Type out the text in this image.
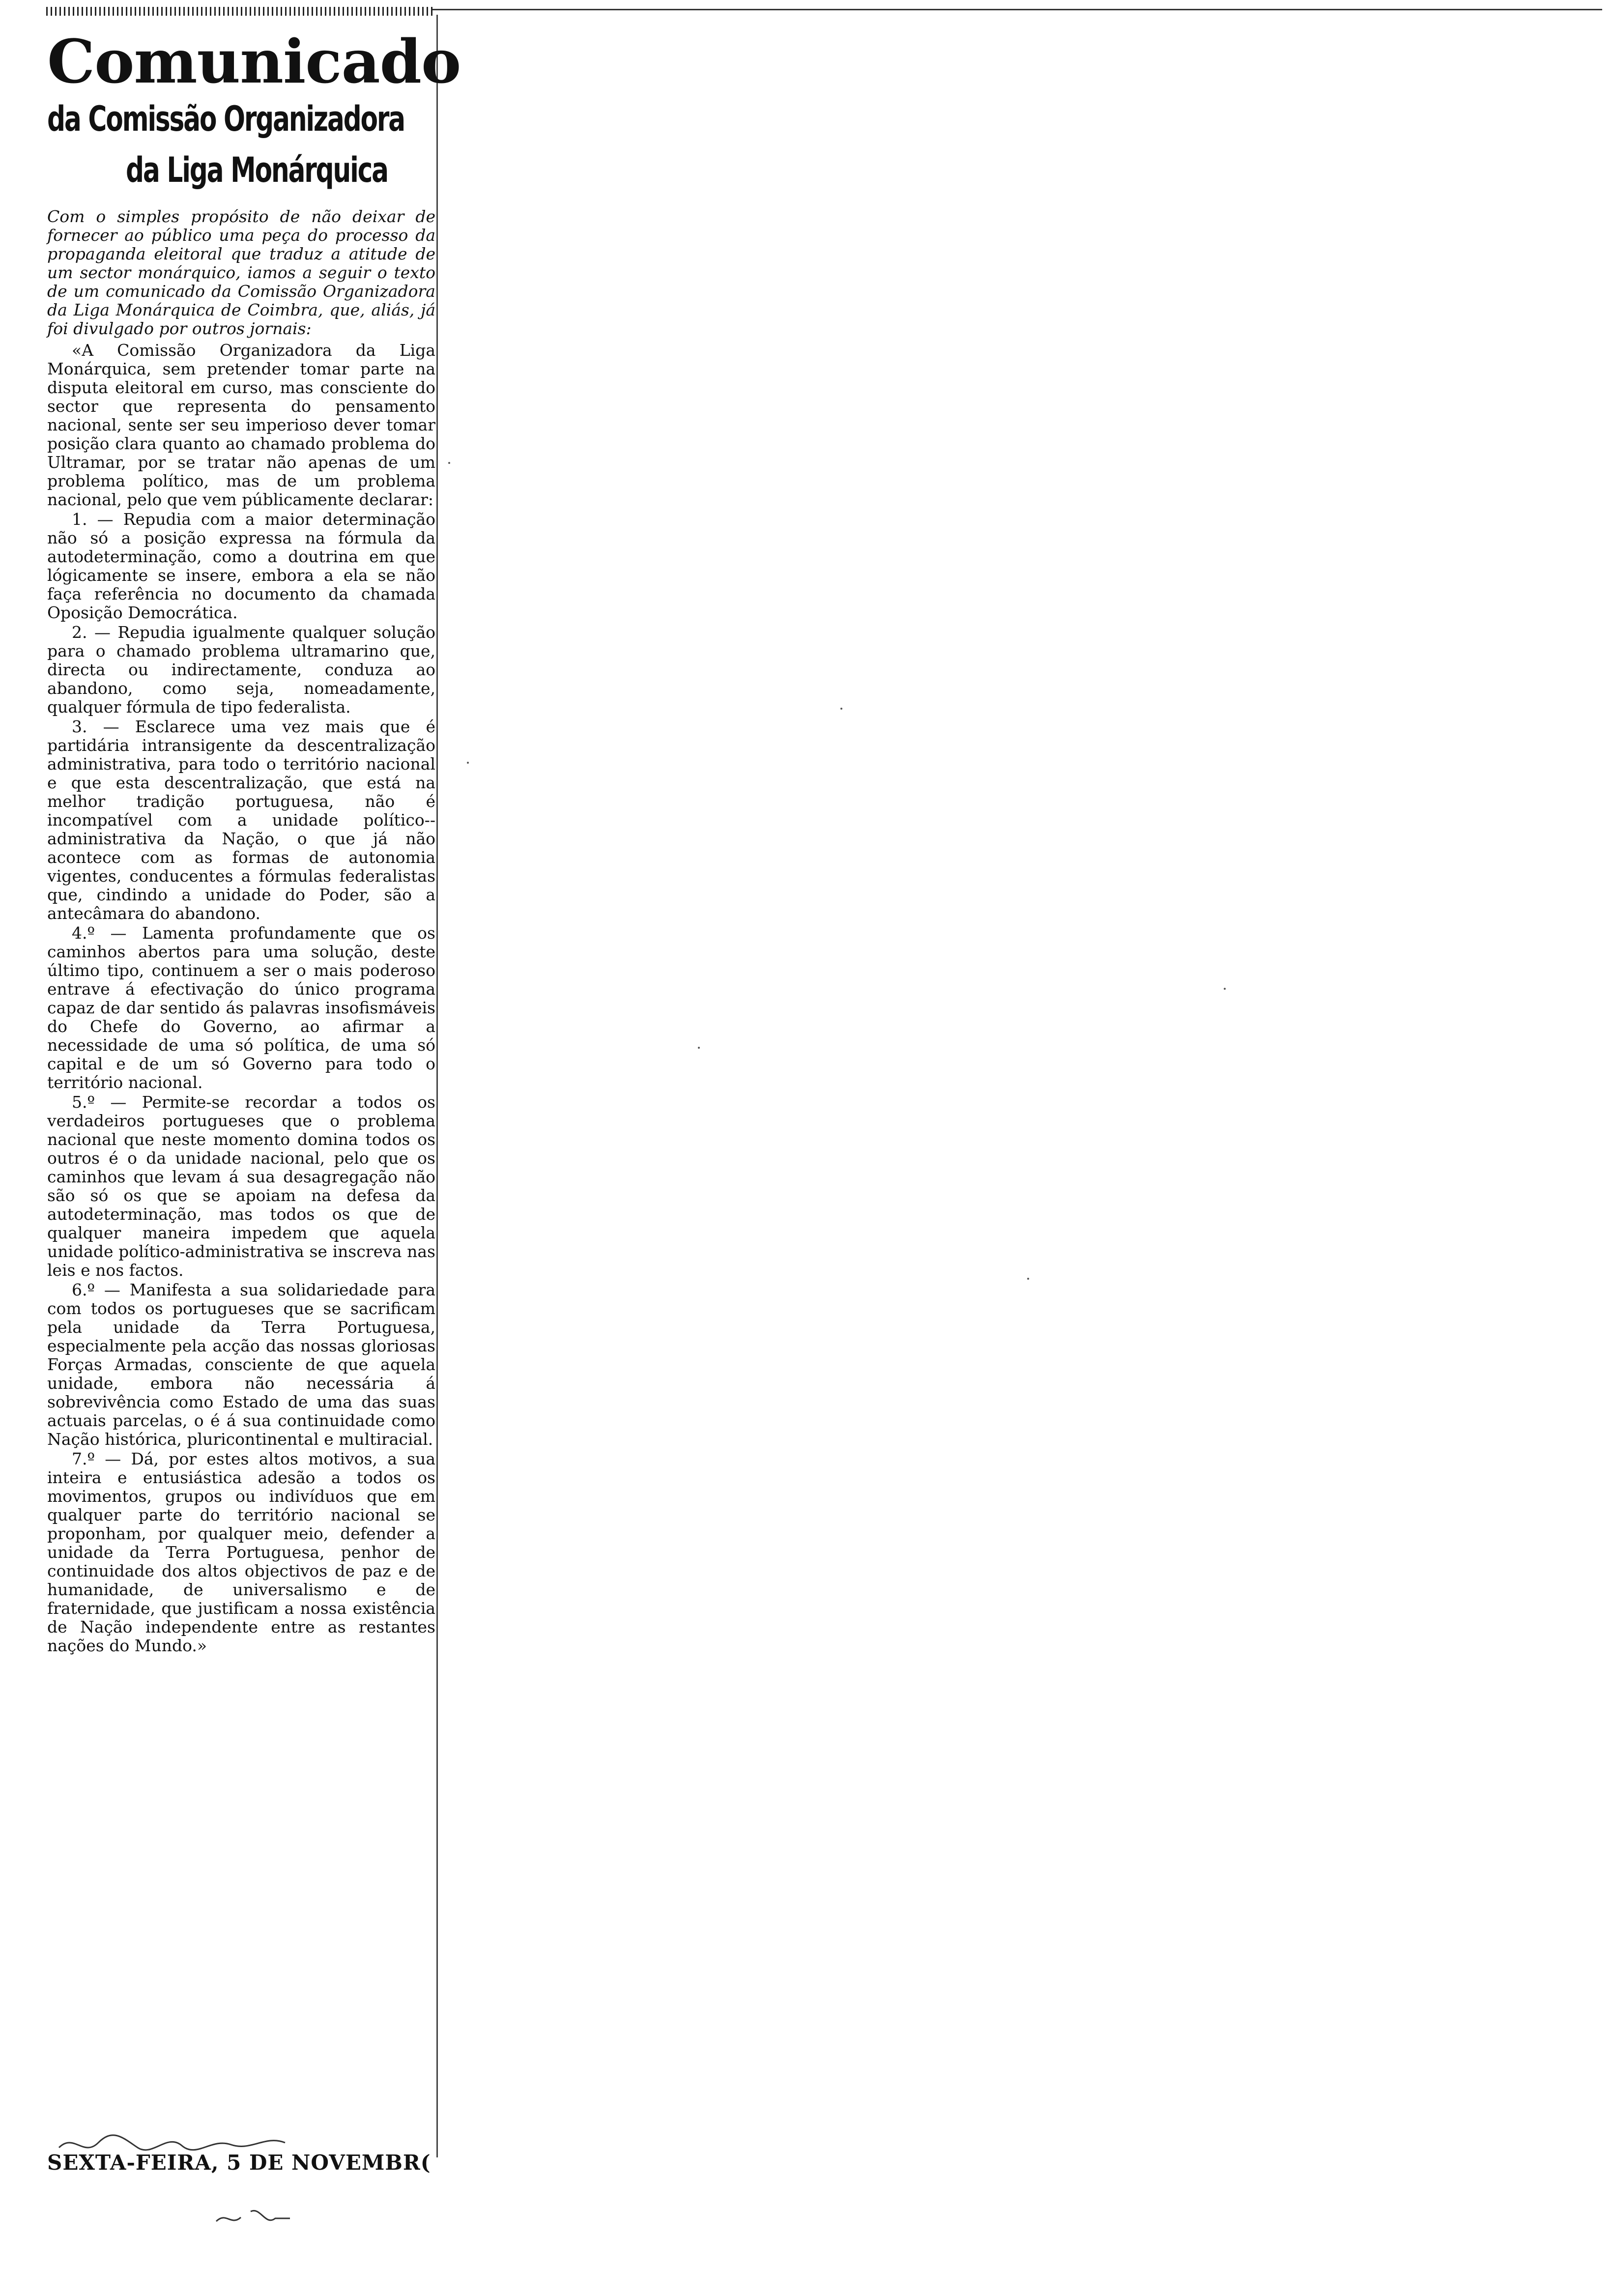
Comunicado
da Comissão Organizadora
da Liga Monárquica

Com o simples propósito de não deixar de fornecer ao público uma peça do processo da propaganda eleitoral que traduz a atitude de um sector monárquico, iamos a seguir o texto de um comunicado da Comissão Organizadora da Liga Monárquica de Coimbra, que, aliás, já foi divulgado por outros jornais:

«A Comissão Organizadora da Liga Monárquica, sem pretender tomar parte na disputa eleitoral em curso, mas consciente do sector que representa do pensamento nacional, sente ser seu imperioso dever tomar posição clara quanto ao chamado problema do Ultramar, por se tratar não apenas de um problema político, mas de um problema nacional, pelo que vem públicamente declarar:

1. — Repudia com a maior determinação não só a posição expressa na fórmula da autodeterminação, como a doutrina em que lógicamente se insere, embora a ela se não faça referência no documento da chamada Oposição Democrática.

2. — Repudia igualmente qualquer solução para o chamado problema ultramarino que, directa ou indirectamente, conduza ao abandono, como seja, nomeadamente, qualquer fórmula de tipo federalista.

3. — Esclarece uma vez mais que é partidária intransigente da descentralização administrativa, para todo o território nacional e que esta descentralização, que está na melhor tradição portuguesa, não é incompatível com a unidade político--administrativa da Nação, o que já não acontece com as formas de autonomia vigentes, conducentes a fórmulas federalistas que, cindindo a unidade do Poder, são a antecâmara do abandono.

4.º — Lamenta profundamente que os caminhos abertos para uma solução, deste último tipo, continuem a ser o mais poderoso entrave á efectivação do único programa capaz de dar sentido ás palavras insofismáveis do Chefe do Governo, ao afirmar a necessidade de uma só política, de uma só capital e de um só Governo para todo o território nacional.

5.º — Permite-se recordar a todos os verdadeiros portugueses que o problema nacional que neste momento domina todos os outros é o da unidade nacional, pelo que os caminhos que levam á sua desagregação não são só os que se apoiam na defesa da autodeterminação, mas todos os que de qualquer maneira impedem que aquela unidade político-administrativa se inscreva nas leis e nos factos.

6.º — Manifesta a sua solidariedade para com todos os portugueses que se sacrificam pela unidade da Terra Portuguesa, especialmente pela acção das nossas gloriosas Forças Armadas, consciente de que aquela unidade, embora não necessária á sobrevivência como Estado de uma das suas actuais parcelas, o é á sua continuidade como Nação histórica, pluricontinental e multiracial.

7.º — Dá, por estes altos motivos, a sua inteira e entusiástica adesão a todos os movimentos, grupos ou indivíduos que em qualquer parte do território nacional se proponham, por qualquer meio, defender a unidade da Terra Portuguesa, penhor de continuidade dos altos objectivos de paz e de humanidade, de universalismo e de fraternidade, que justificam a nossa existência de Nação independente entre as restantes nações do Mundo.»

SEXTA-FEIRA, 5 DE NOVEMBR(
